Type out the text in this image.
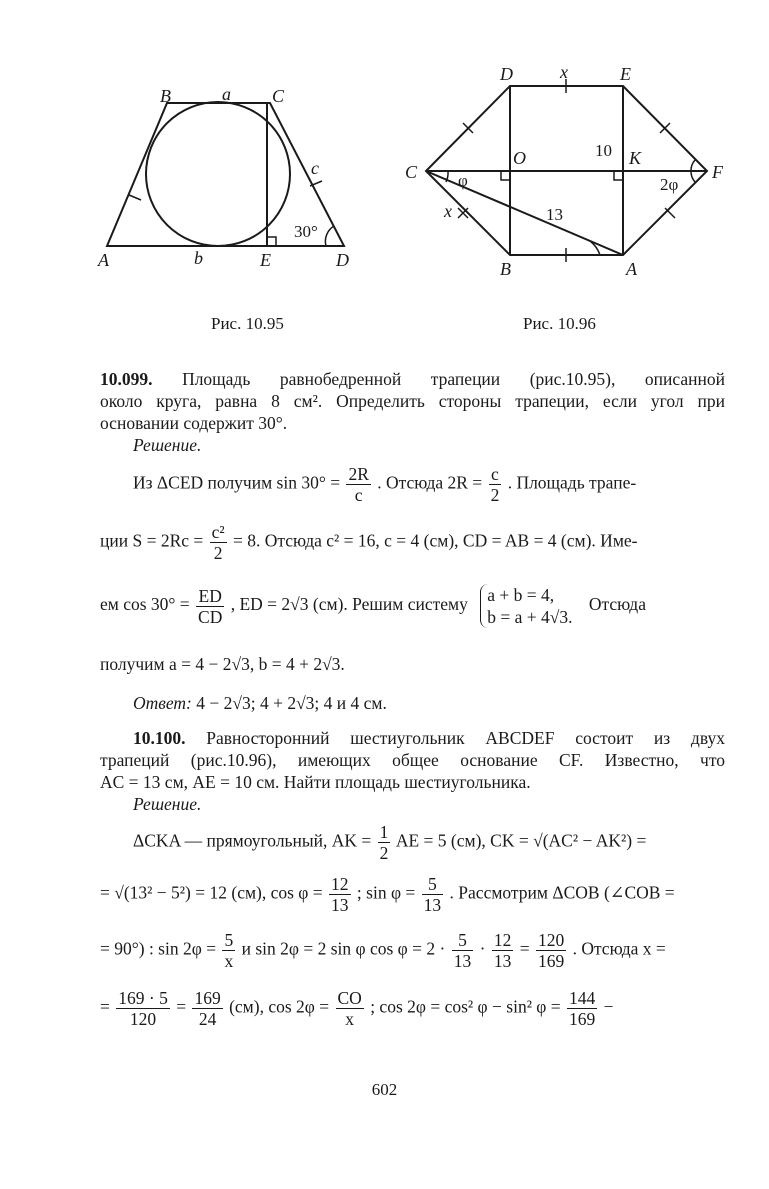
B	a C
c
30°
A	b	E	D
Рис. 10.95
D	x	E
O	10 K
C φ	2φ
F
x	13
B	A
Рис. 10.96
10.099. Площадь равнобедренной трапеции (рис.10.95), описанной
около круга, равна 8 см². Определить стороны трапеции, если угол при
основании содержит 30°.
Решение.
Из ΔCED получим $\sin 30^\circ = \frac{2R}{c}$ . Отсюда $2R = \frac{c}{2}$ . Площадь трапе-
ции $S = 2Rc = \frac{\text{c²}}{2} = 8$. Отсюда c² = 16, c = 4 (см), CD = AB = 4 (см). Име-
ем $\cos 30^\circ = \frac{ED}{CD}$ , ED = 2√3 (см). Решим систему a + b = 4,
b = a + 4√3.
Отсюда
получим a = 4 − 2√3, b = 4 + 2√3.
Ответ: 4 − 2√3; 4 + 2√3; 4 и 4 см.
10.100. Равносторонний шестиугольник ABCDEF состоит из двух
трапеций (рис.10.96), имеющих общее основание CF. Известно, что
AC = 13 см, AE = 10 см. Найти площадь шестиугольника.
Решение.
ΔCKA — прямоугольный, AK = $\frac{1}{2}$ AE = 5 (см), CK = √(AC² − AK²) =
= √(13² − 5²) = 12 (см), $\cos \varphi = \frac{12}{13}$ ; $\sin \varphi = \frac{5}{13}$ . Рассмотрим ΔCOB (∠COB =
= 90°) : $\sin 2\varphi = \frac{5}{x}$ и sin 2φ = 2 sin φ $\cos \varphi = 2 \cdot \frac{5}{13} \cdot \frac{12}{13} = \frac{120}{169}$ . Отсюда x =
= $\frac{169 \cdot 5}{120} = \frac{169}{24} (см)$, $\cos 2\varphi = \frac{CO}{x}$ ; cos 2φ = cos² φ − sin² $\varphi = \frac{144}{169}$ −
602
